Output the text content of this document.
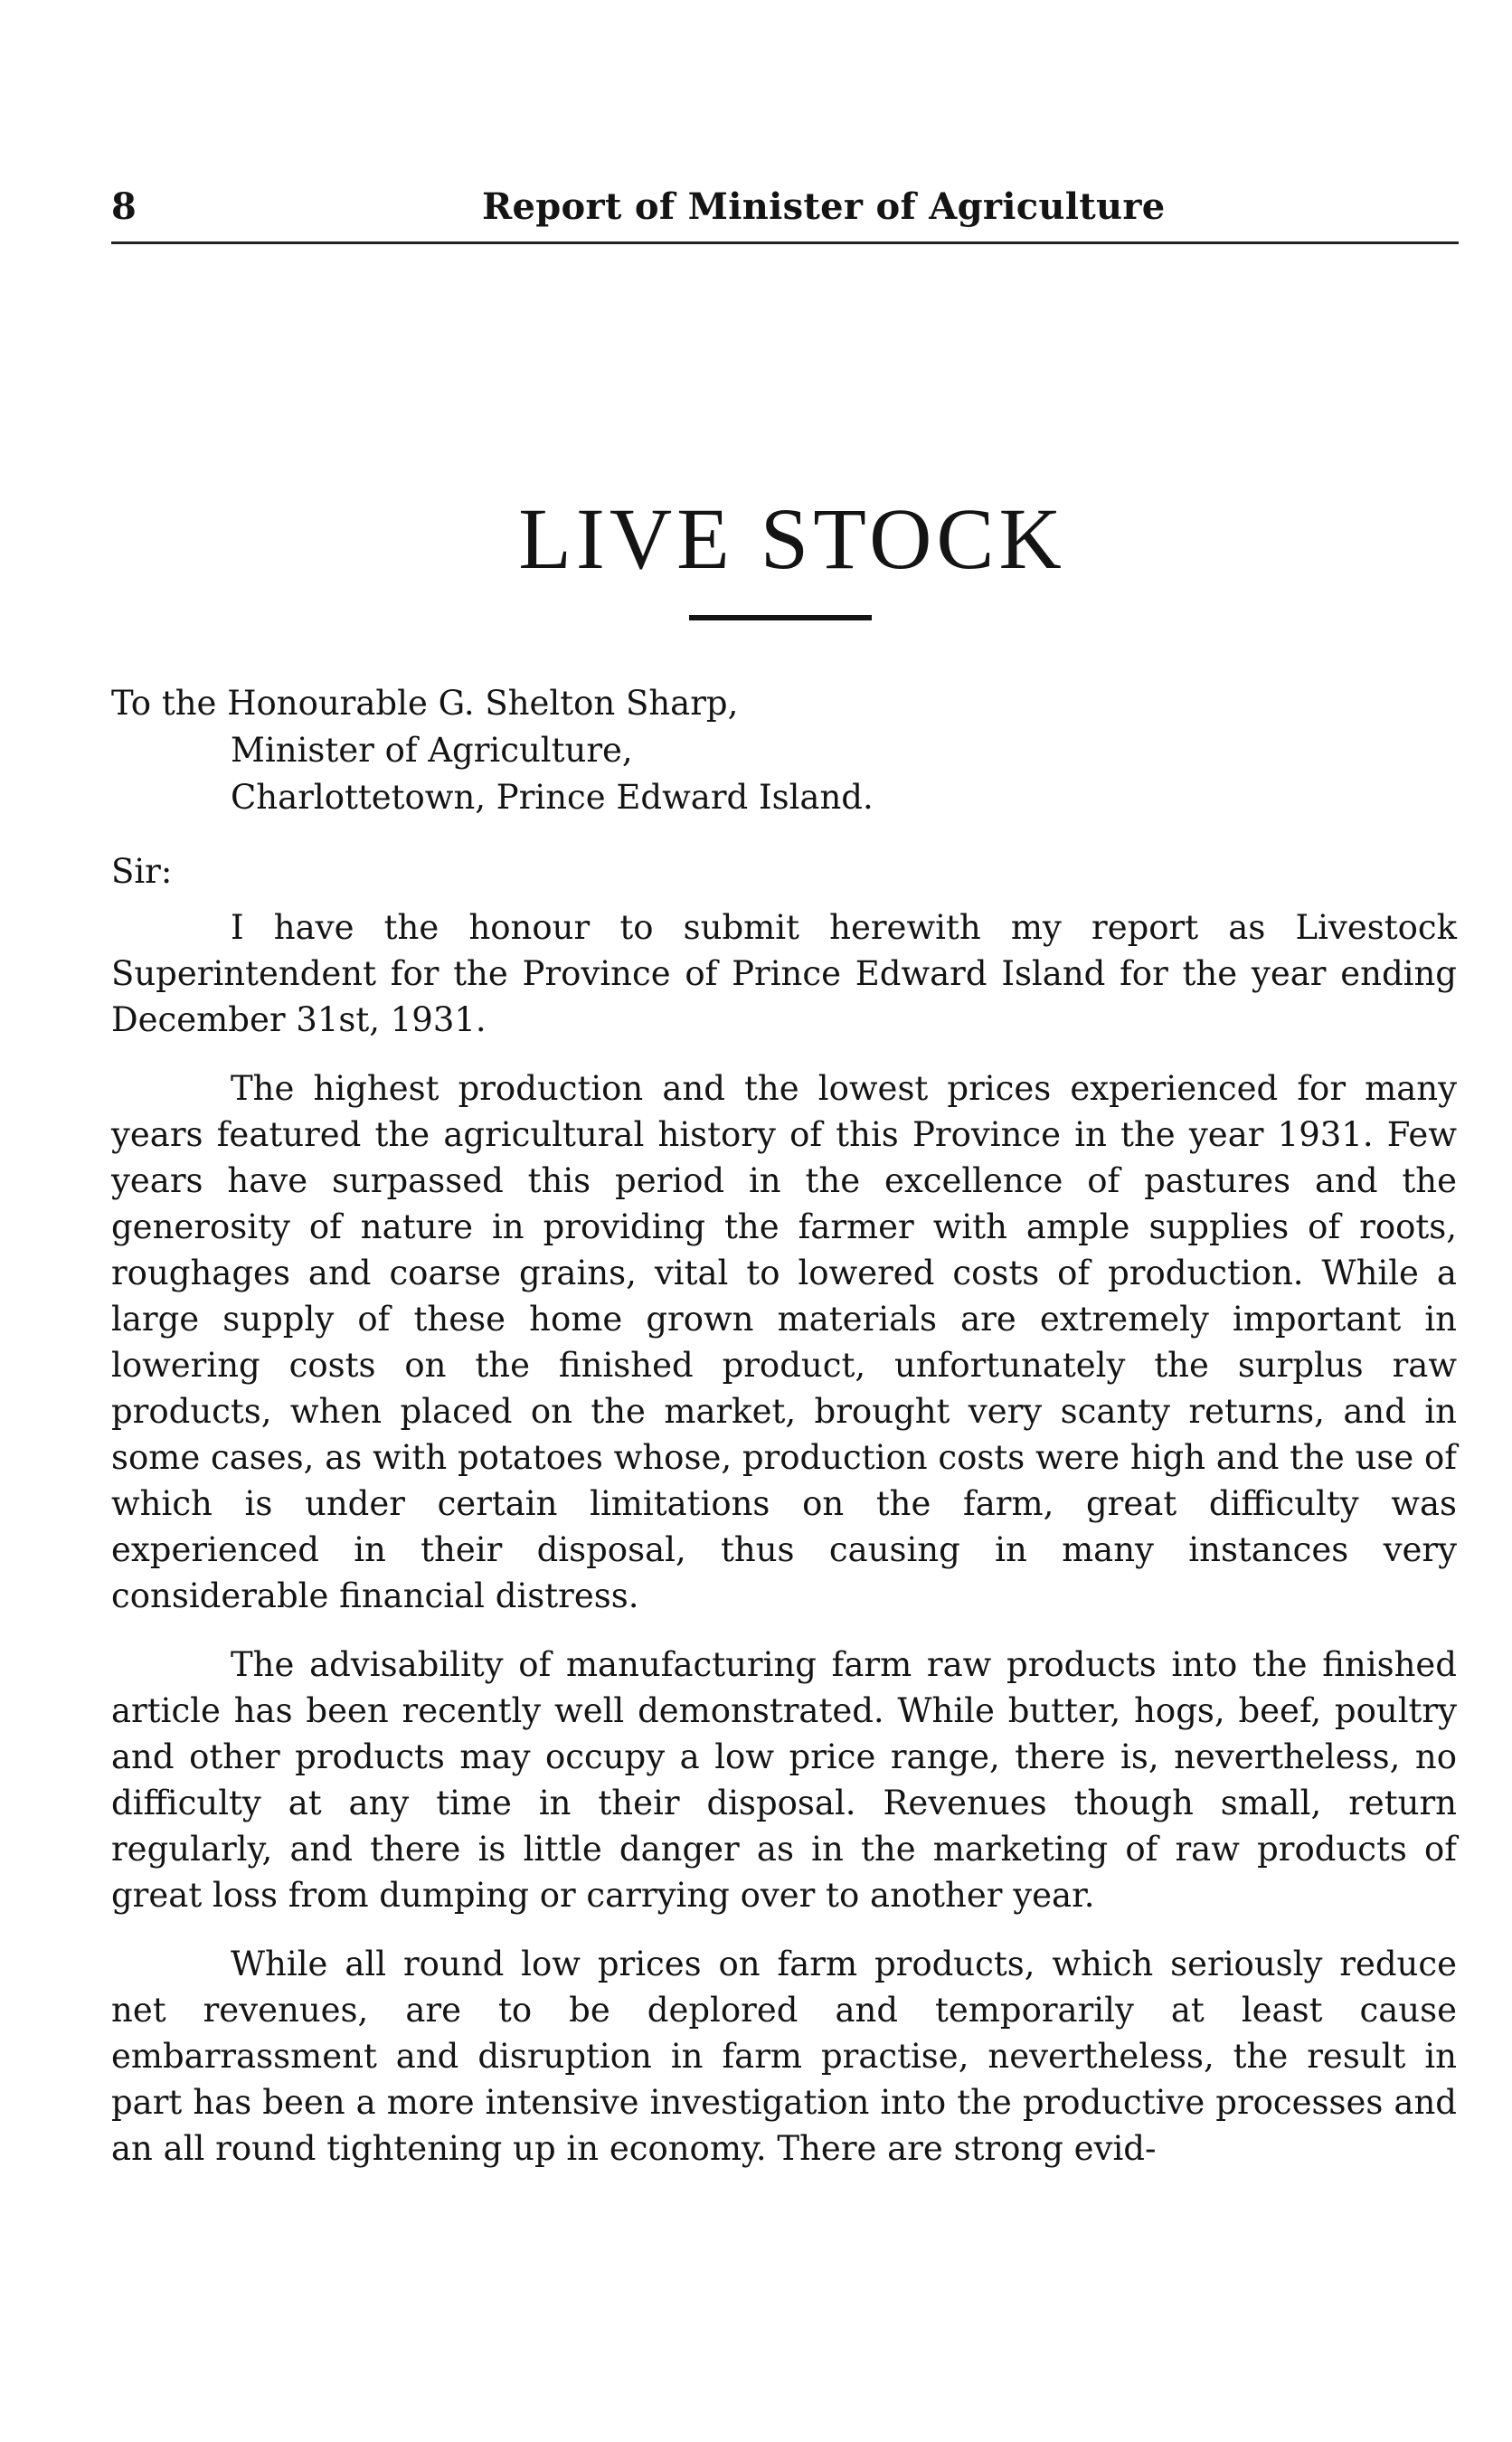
8	Report of Minister of Agriculture
LIVE STOCK
To the Honourable G. Shelton Sharp,
Minister of Agriculture,
Charlottetown, Prince Edward Island.
Sir:

I have the honour to submit herewith my report as Livestock Superintendent for the Province of Prince Edward Island for the year ending December 31st, 1931.

The highest production and the lowest prices experienced for many years featured the agricultural history of this Province in the year 1931. Few years have surpassed this period in the excellence of pastures and the generosity of nature in providing the farmer with ample supplies of roots, roughages and coarse grains, vital to lowered costs of production. While a large supply of these home grown materials are extremely important in lowering costs on the finished product, unfortunately the surplus raw products, when placed on the market, brought very scanty returns, and in some cases, as with potatoes whose, production costs were high and the use of which is under certain limitations on the farm, great difficulty was experienced in their disposal, thus causing in many instances very considerable financial distress.

The advisability of manufacturing farm raw products into the finished article has been recently well demonstrated. While butter, hogs, beef, poultry and other products may occupy a low price range, there is, nevertheless, no difficulty at any time in their disposal. Revenues though small, return regularly, and there is little danger as in the marketing of raw products of great loss from dumping or carrying over to another year.

While all round low prices on farm products, which seriously reduce net revenues, are to be deplored and temporarily at least cause embarrassment and disruption in farm practise, nevertheless, the result in part has been a more intensive investigation into the productive processes and an all round tightening up in economy. There are strong evid-
